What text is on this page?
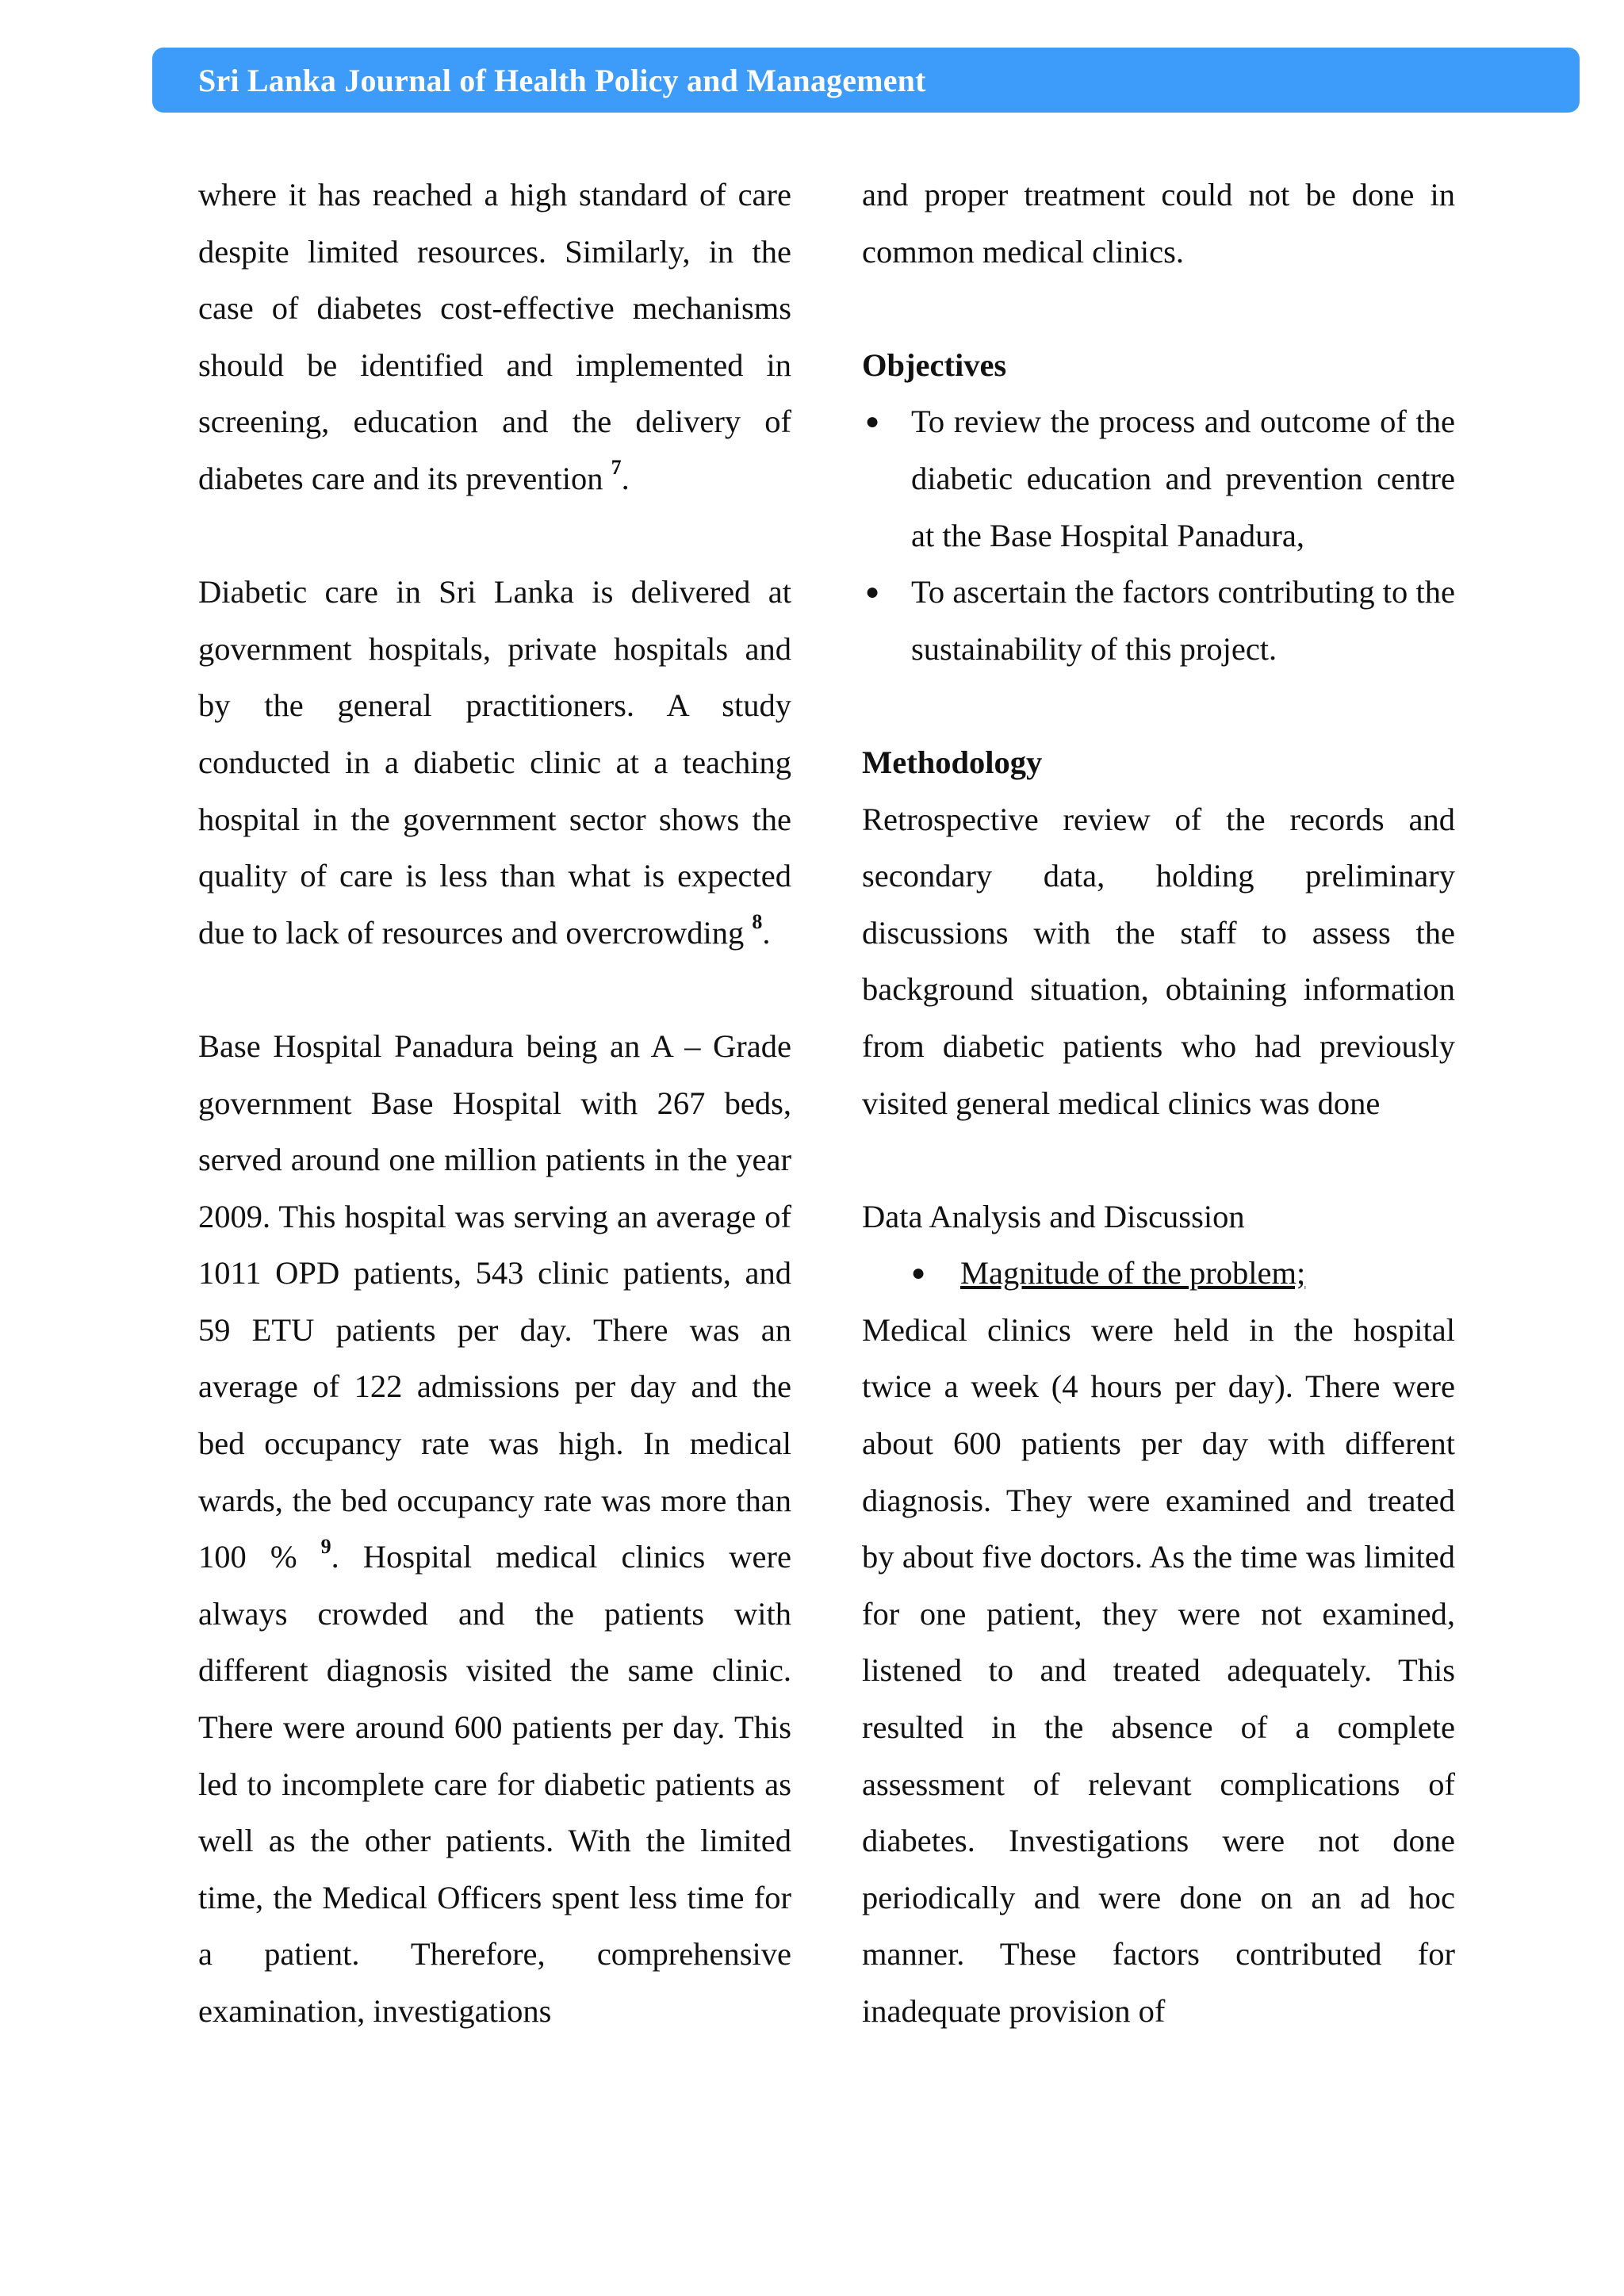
Sri Lanka Journal of Health Policy and Management

where it has reached a high standard of care despite limited resources. Similarly, in the case of diabetes cost-effective mechanisms should be identified and implemented in screening, education and the delivery of diabetes care and its prevention $^7$.

Diabetic care in Sri Lanka is delivered at government hospitals, private hospitals and by the general practitioners. A study conducted in a diabetic clinic at a teaching hospital in the government sector shows the quality of care is less than what is expected due to lack of resources and overcrowding $^8$.

Base Hospital Panadura being an A – Grade government Base Hospital with 267 beds, served around one million patients in the year 2009. This hospital was serving an average of 1011 OPD patients, 543 clinic patients, and 59 ETU patients per day. There was an average of 122 admissions per day and the bed occupancy rate was high. In medical wards, the bed occupancy rate was more than 100 % $^9$. Hospital medical clinics were always crowded and the patients with different diagnosis visited the same clinic. There were around 600 patients per day. This led to incomplete care for diabetic patients as well as the other patients. With the limited time, the Medical Officers spent less time for a patient. Therefore, comprehensive examination, investigations

and proper treatment could not be done in common medical clinics.

Objectives

● To review the process and outcome of the diabetic education and prevention centre at the Base Hospital Panadura,
● To ascertain the factors contributing to the sustainability of this project.

Methodology

Retrospective review of the records and secondary data, holding preliminary discussions with the staff to assess the background situation, obtaining information from diabetic patients who had previously visited general medical clinics was done

Data Analysis and Discussion

● Magnitude of the problem;

Medical clinics were held in the hospital twice a week (4 hours per day). There were about 600 patients per day with different diagnosis. They were examined and treated by about five doctors. As the time was limited for one patient, they were not examined, listened to and treated adequately. This resulted in the absence of a complete assessment of relevant complications of diabetes. Investigations were not done periodically and were done on an ad hoc manner. These factors contributed for inadequate provision of
